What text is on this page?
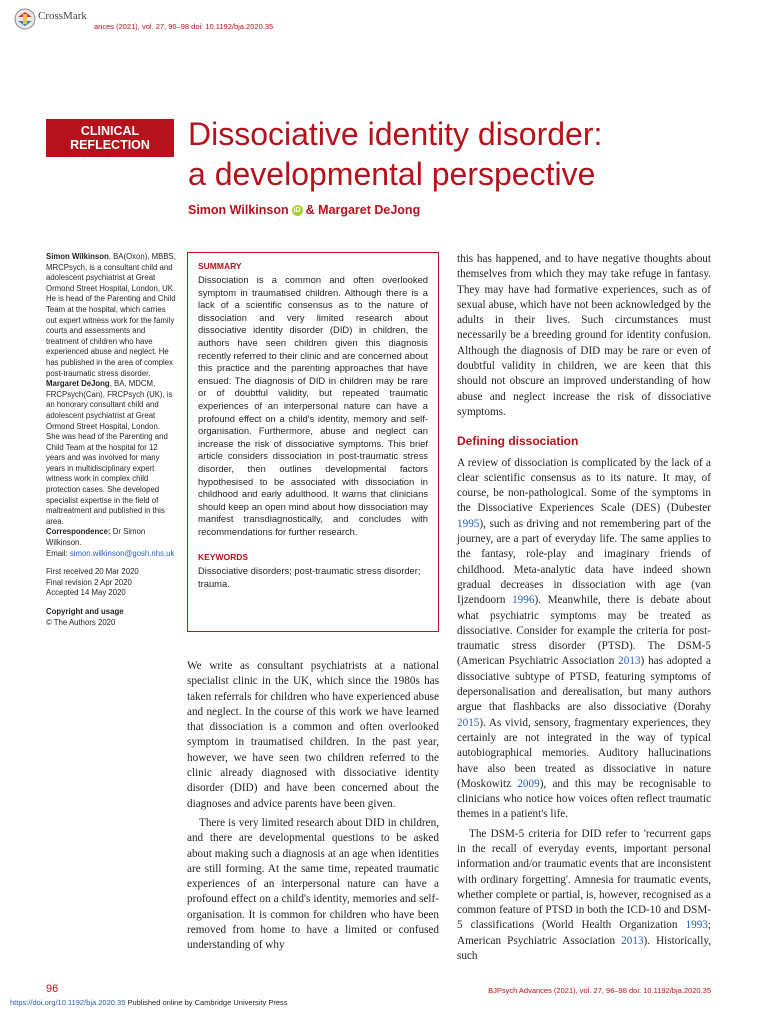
CrossMark
ances (2021), vol. 27, 96–98 doi: 10.1192/bja.2020.35
CLINICAL
REFLECTION	Dissociative identity disorder:
a developmental perspective
Simon Wilkinson iD & Margaret DeJong

Simon Wilkinson, BA(Oxon), MBBS, MRCPsych, is a consultant child and adolescent psychiatrist at Great Ormond Street Hospital, London, UK. He is head of the Parenting and Child Team at the hospital, which carries out expert witness work for the family courts and assessments and treatment of children who have experienced abuse and neglect. He has published in the area of complex post-traumatic stress disorder. Margaret DeJong, BA, MDCM, FRCPsych(Can), FRCPsych (UK), is an honorary consultant child and adolescent psychiatrist at Great Ormond Street Hospital, London. She was head of the Parenting and Child Team at the hospital for 12 years and was involved for many years in multidisciplinary expert witness work in complex child protection cases. She developed specialist expertise in the field of maltreatment and published in this area.

Correspondence: Dr Simon Wilkinson.

Email: simon.wilkinson@gosh.nhs.uk

First received 20 Mar 2020

Final revision 2 Apr 2020

Accepted 14 May 2020

Copyright and usage

© The Authors 2020

SUMMARY

Dissociation is a common and often overlooked symptom in traumatised children. Although there is a lack of a scientific consensus as to the nature of dissociation and very limited research about dissociative identity disorder (DID) in children, the authors have seen children given this diagnosis recently referred to their clinic and are concerned about this practice and the parenting approaches that have ensued. The diagnosis of DID in children may be rare or of doubtful validity, but repeated traumatic experiences of an interpersonal nature can have a profound effect on a child's identity, memory and self-organisation. Furthermore, abuse and neglect can increase the risk of dissociative symptoms. This brief article considers dissociation in post-traumatic stress disorder, then outlines developmental factors hypothesised to be associated with dissociation in childhood and early adulthood. It warns that clinicians should keep an open mind about how dissociation may manifest transdiagnostically, and concludes with recommendations for further research.

KEYWORDS

Dissociative disorders; post-traumatic stress disorder; trauma.

We write as consultant psychiatrists at a national specialist clinic in the UK, which since the 1980s has taken referrals for children who have experienced abuse and neglect. In the course of this work we have learned that dissociation is a common and often overlooked symptom in traumatised children. In the past year, however, we have seen two children referred to the clinic already diagnosed with dissociative identity disorder (DID) and have been concerned about the diagnoses and advice parents have been given.

There is very limited research about DID in children, and there are developmental questions to be asked about making such a diagnosis at an age when identities are still forming. At the same time, repeated traumatic experiences of an interpersonal nature can have a profound effect on a child's identity, memories and self-organisation. It is common for children who have been removed from home to have a limited or confused understanding of why

this has happened, and to have negative thoughts about themselves from which they may take refuge in fantasy. They may have had formative experiences, such as of sexual abuse, which have not been acknowledged by the adults in their lives. Such circumstances must necessarily be a breeding ground for identity confusion. Although the diagnosis of DID may be rare or even of doubtful validity in children, we are keen that this should not obscure an improved understanding of how abuse and neglect increase the risk of dissociative symptoms.

Defining dissociation

A review of dissociation is complicated by the lack of a clear scientific consensus as to its nature. It may, of course, be non-pathological. Some of the symptoms in the Dissociative Experiences Scale (DES) (Dubester 1995), such as driving and not remembering part of the journey, are a part of everyday life. The same applies to the fantasy, role-play and imaginary friends of childhood. Meta-analytic data have indeed shown gradual decreases in dissociation with age (van Ijzendoorn 1996). Meanwhile, there is debate about what psychiatric symptoms may be treated as dissociative. Consider for example the criteria for post-traumatic stress disorder (PTSD). The DSM-5 (American Psychiatric Association 2013) has adopted a dissociative subtype of PTSD, featuring symptoms of depersonalisation and derealisation, but many authors argue that flashbacks are also dissociative (Dorahy 2015). As vivid, sensory, fragmentary experiences, they certainly are not integrated in the way of typical autobiographical memories. Auditory hallucinations have also been treated as dissociative in nature (Moskowitz 2009), and this may be recognisable to clinicians who notice how voices often reflect traumatic themes in a patient's life.

The DSM-5 criteria for DID refer to 'recurrent gaps in the recall of everyday events, important personal information and/or traumatic events that are inconsistent with ordinary forgetting'. Amnesia for traumatic events, whether complete or partial, is, however, recognised as a common feature of PTSD in both the ICD-10 and DSM-5 classifications (World Health Organization 1993; American Psychiatric Association 2013). Historically, such

96	BJPsych Advances (2021), vol. 27, 96–98 doi: 10.1192/bja.2020.35
https://doi.org/10.1192/bja.2020.35 Published online by Cambridge University Press
